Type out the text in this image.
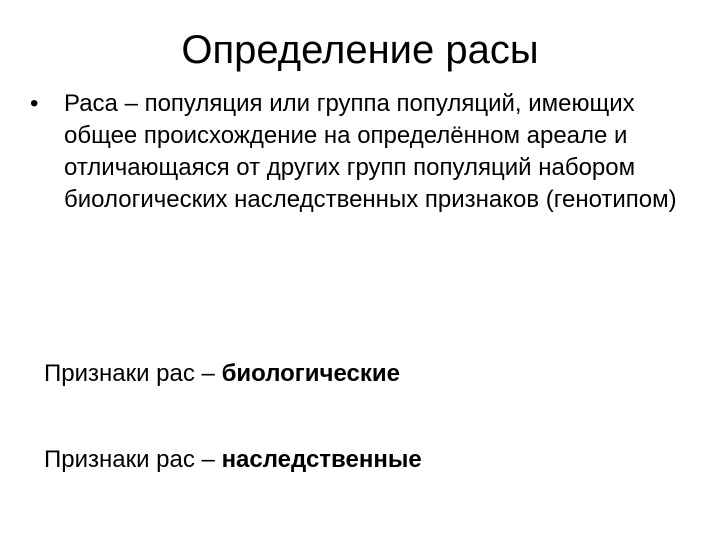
Определение расы
• Раса – популяция или группа популяций, имеющих общее происхождение на определённом ареале и отличающаяся от других групп популяций набором биологических наследственных признаков (генотипом)

Признаки рас – биологические
Признаки рас – наследственные
